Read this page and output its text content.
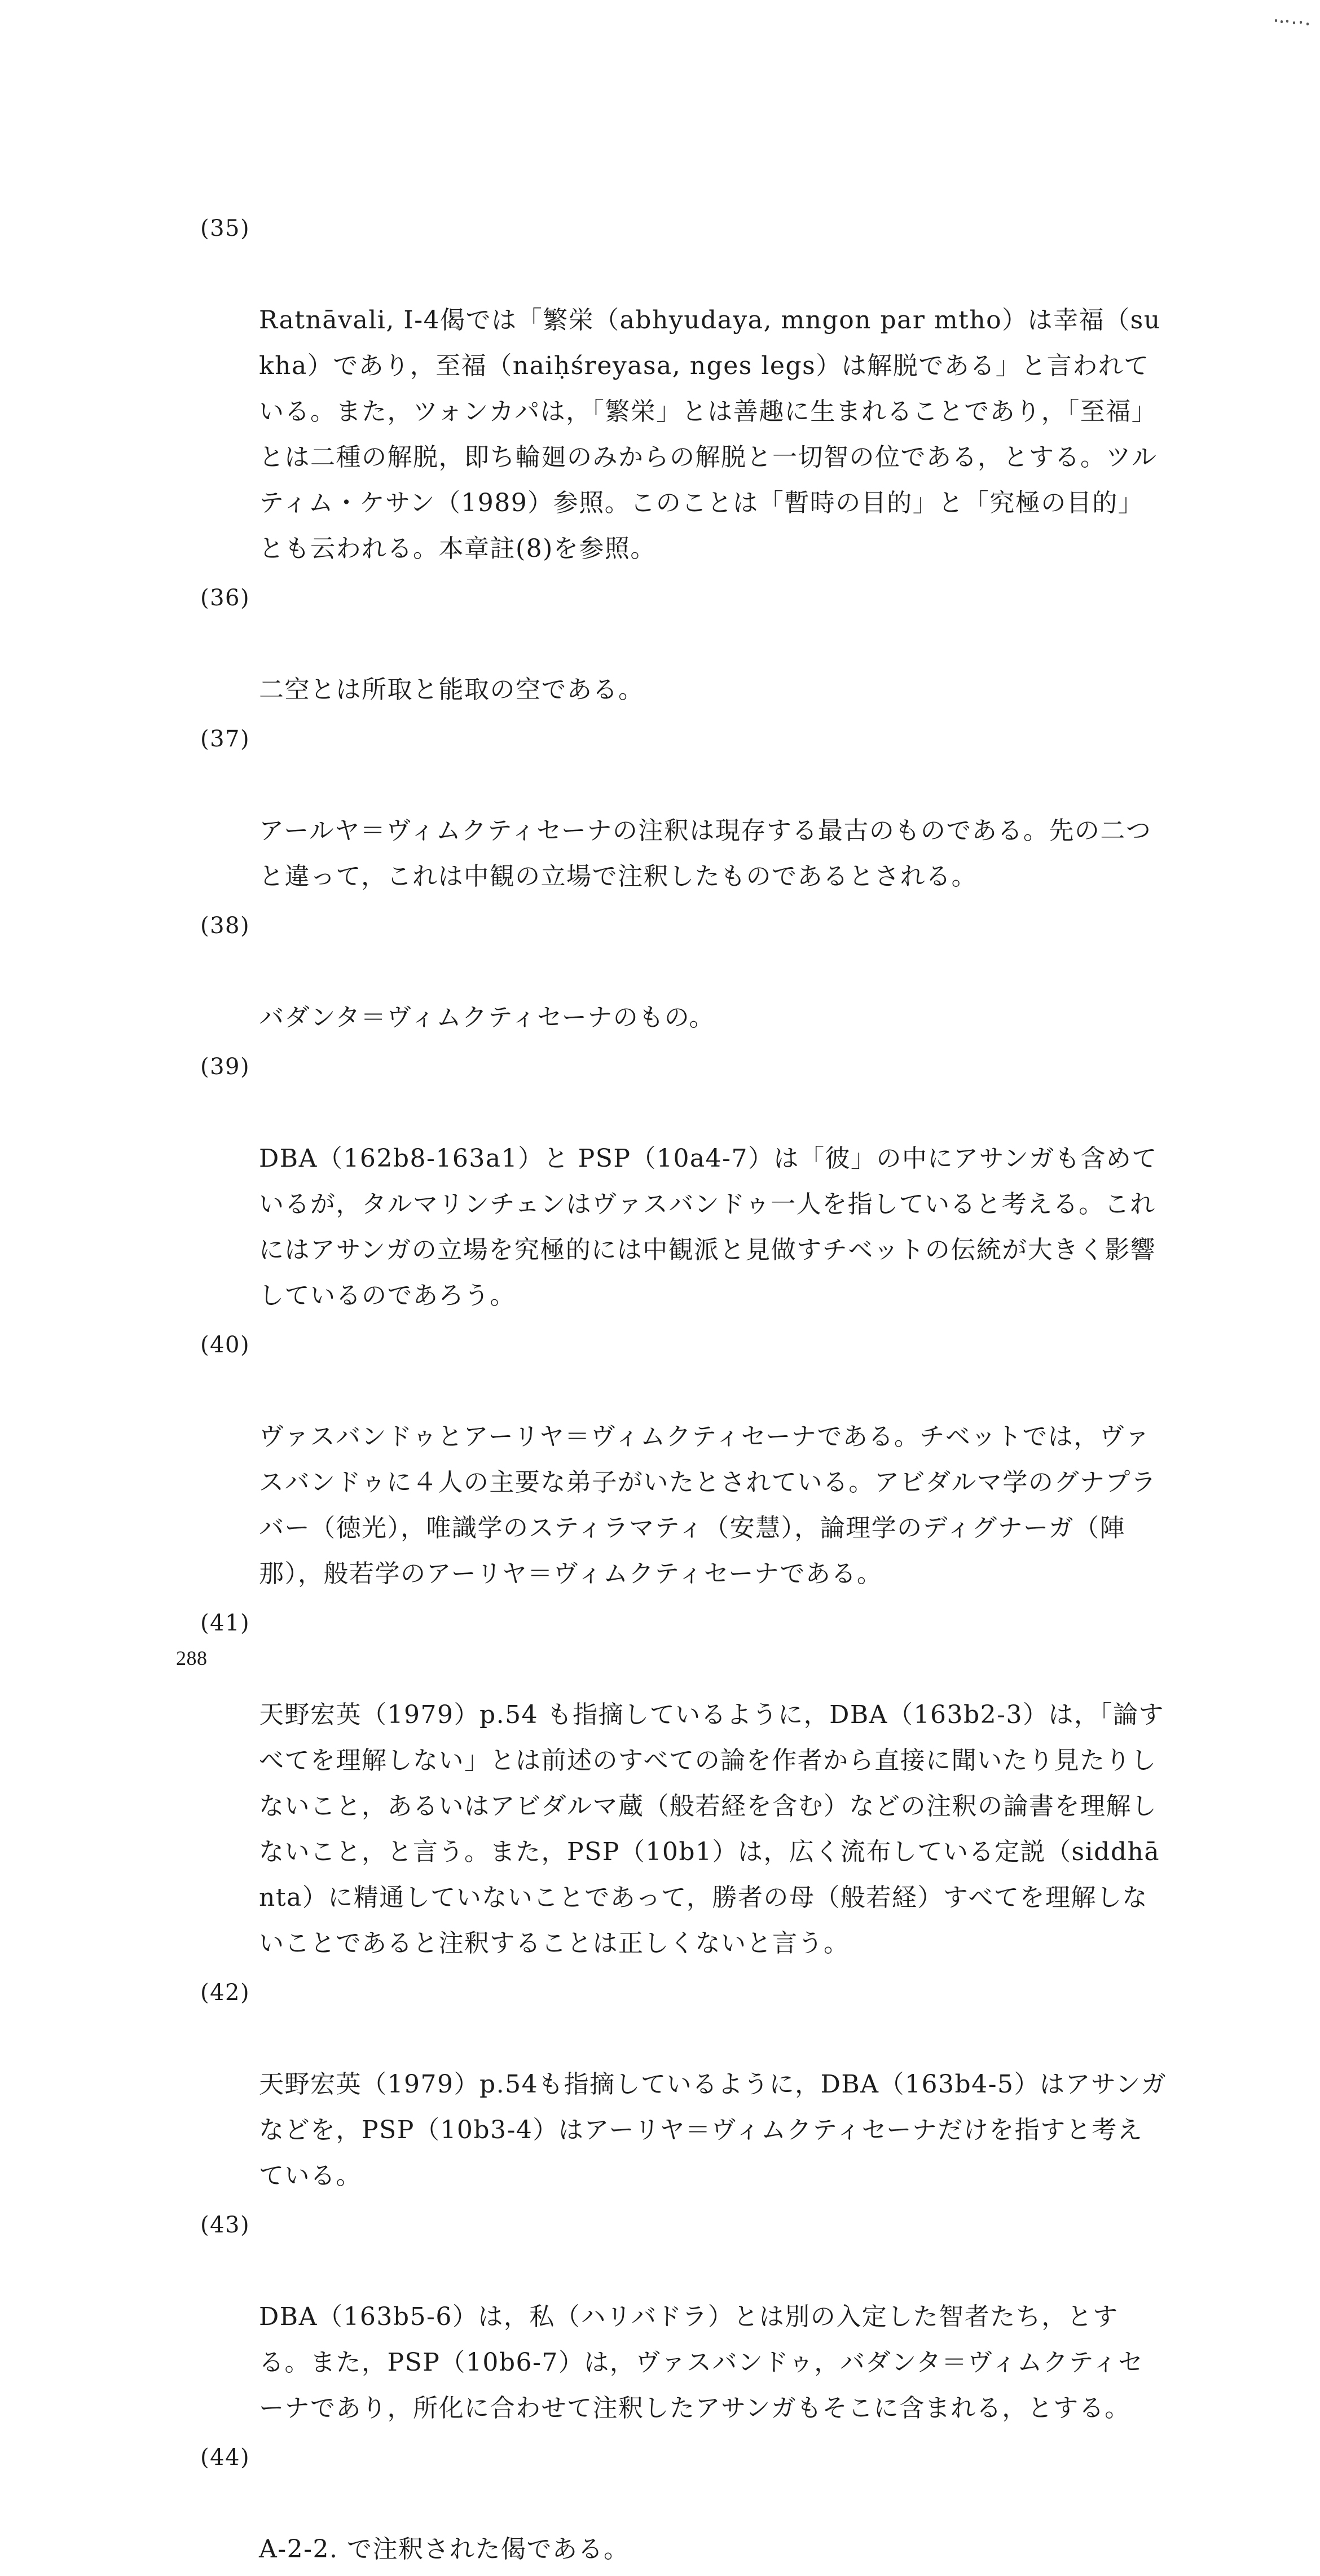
(35)

Ratnāvali, I-4偈では「繁栄（abhyudaya, mngon par mtho）は幸福（sukha）であり，至福（naiḥśreyasa, nges legs）は解脱である」と言われている。また，ツォンカパは，「繁栄」とは善趣に生まれることであり，「至福」とは二種の解脱，即ち輪廻のみからの解脱と一切智の位である，とする。ツルティム・ケサン（1989）参照。このことは「暫時の目的」と「究極の目的」とも云われる。本章註(8)を参照。

(36)

二空とは所取と能取の空である。

(37)

アールヤ＝ヴィムクティセーナの注釈は現存する最古のものである。先の二つと違って，これは中観の立場で注釈したものであるとされる。

(38)

バダンタ＝ヴィムクティセーナのもの。

(39)

DBA（162b8-163a1）と PSP（10a4-7）は「彼」の中にアサンガも含めているが，タルマリンチェンはヴァスバンドゥ一人を指していると考える。これにはアサンガの立場を究極的には中観派と見做すチベットの伝統が大きく影響しているのであろう。

(40)

ヴァスバンドゥとアーリヤ＝ヴィムクティセーナである。チベットでは，ヴァスバンドゥに４人の主要な弟子がいたとされている。アビダルマ学のグナプラバー（徳光），唯識学のスティラマティ（安慧），論理学のディグナーガ（陣那），般若学のアーリヤ＝ヴィムクティセーナである。

(41)

天野宏英（1979）p.54 も指摘しているように，DBA（163b2-3）は，「論すべてを理解しない」とは前述のすべての論を作者から直接に聞いたり見たりしないこと，あるいはアビダルマ蔵（般若経を含む）などの注釈の論書を理解しないこと，と言う。また，PSP（10b1）は，広く流布している定説（siddhānta）に精通していないことであって，勝者の母（般若経）すべてを理解しないことであると注釈することは正しくないと言う。

(42)

天野宏英（1979）p.54も指摘しているように，DBA（163b4-5）はアサンガなどを，PSP（10b3-4）はアーリヤ＝ヴィムクティセーナだけを指すと考えている。

(43)

DBA（163b5-6）は，私（ハリバドラ）とは別の入定した智者たち，とする。また，PSP（10b6-7）は，ヴァスバンドゥ，バダンタ＝ヴィムクティセーナであり，所化に合わせて注釈したアサンガもそこに含まれる，とする。

(44)

A-2-2. で注釈された偈である。

288
